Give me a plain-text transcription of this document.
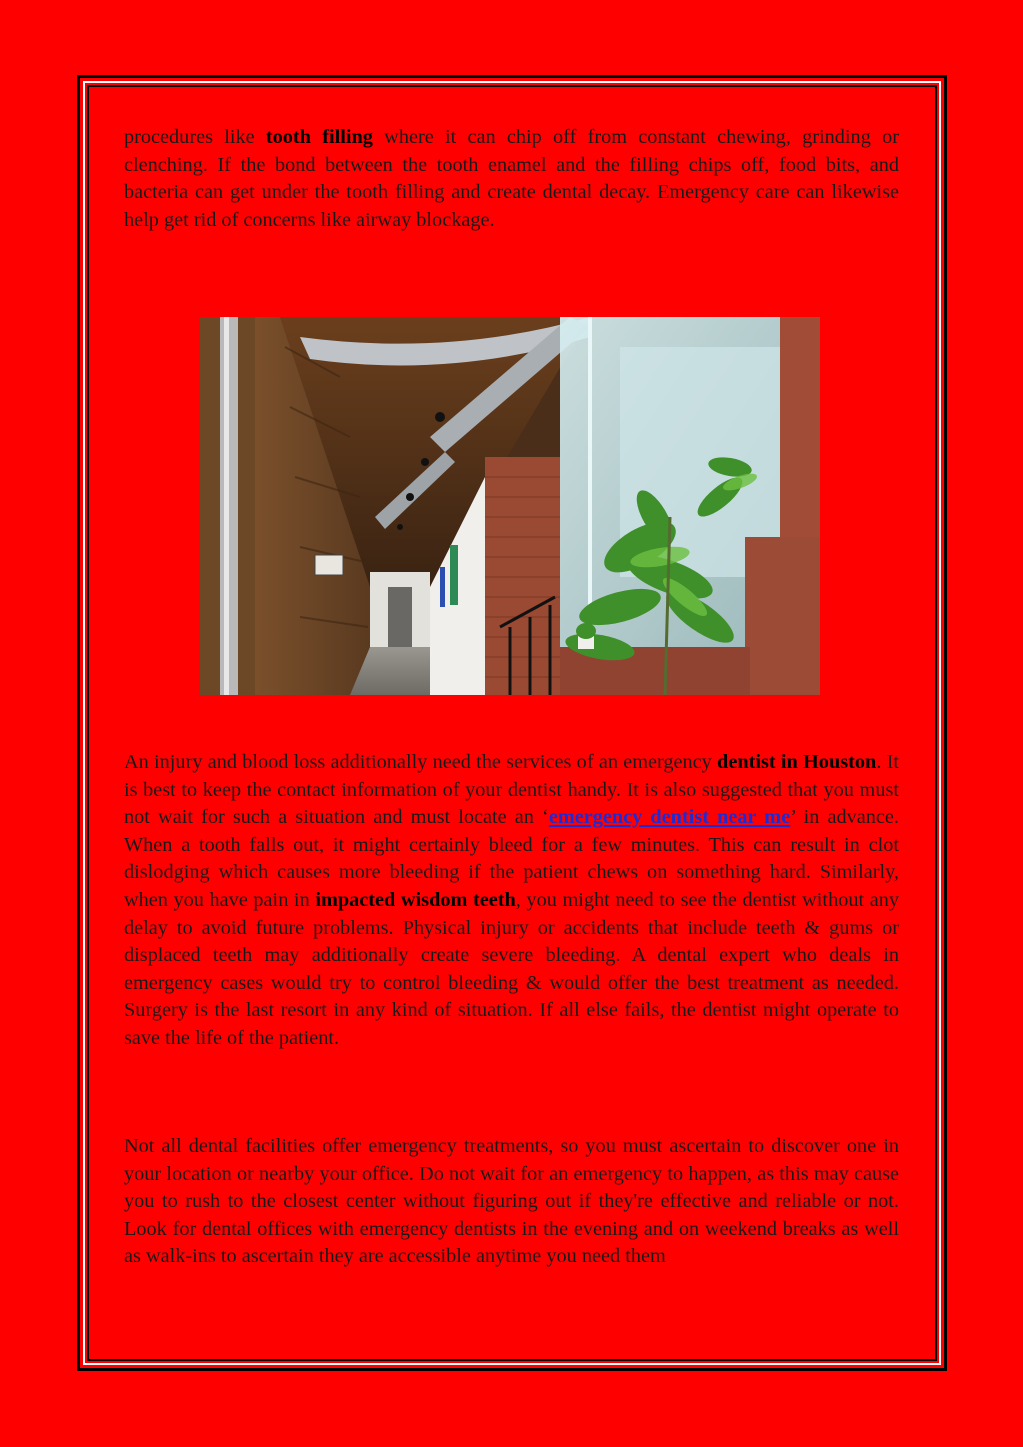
procedures like tooth filling where it can chip off from constant chewing, grinding or clenching. If the bond between the tooth enamel and the filling chips off, food bits, and bacteria can get under the tooth filling and create dental decay. Emergency care can likewise help get rid of concerns like airway blockage.

An injury and blood loss additionally need the services of an emergency dentist in Houston. It is best to keep the contact information of your dentist handy. It is also suggested that you must not wait for such a situation and must locate an ‘emergency dentist near me’ in advance. When a tooth falls out, it might certainly bleed for a few minutes. This can result in clot dislodging which causes more bleeding if the patient chews on something hard. Similarly, when you have pain in impacted wisdom teeth, you might need to see the dentist without any delay to avoid future problems. Physical injury or accidents that include teeth & gums or displaced teeth may additionally create severe bleeding. A dental expert who deals in emergency cases would try to control bleeding & would offer the best treatment as needed. Surgery is the last resort in any kind of situation. If all else fails, the dentist might operate to save the life of the patient.

Not all dental facilities offer emergency treatments, so you must ascertain to discover one in your location or nearby your office. Do not wait for an emergency to happen, as this may cause you to rush to the closest center without figuring out if they're effective and reliable or not. Look for dental offices with emergency dentists in the evening and on weekend breaks as well as walk-ins to ascertain they are accessible anytime you need them
